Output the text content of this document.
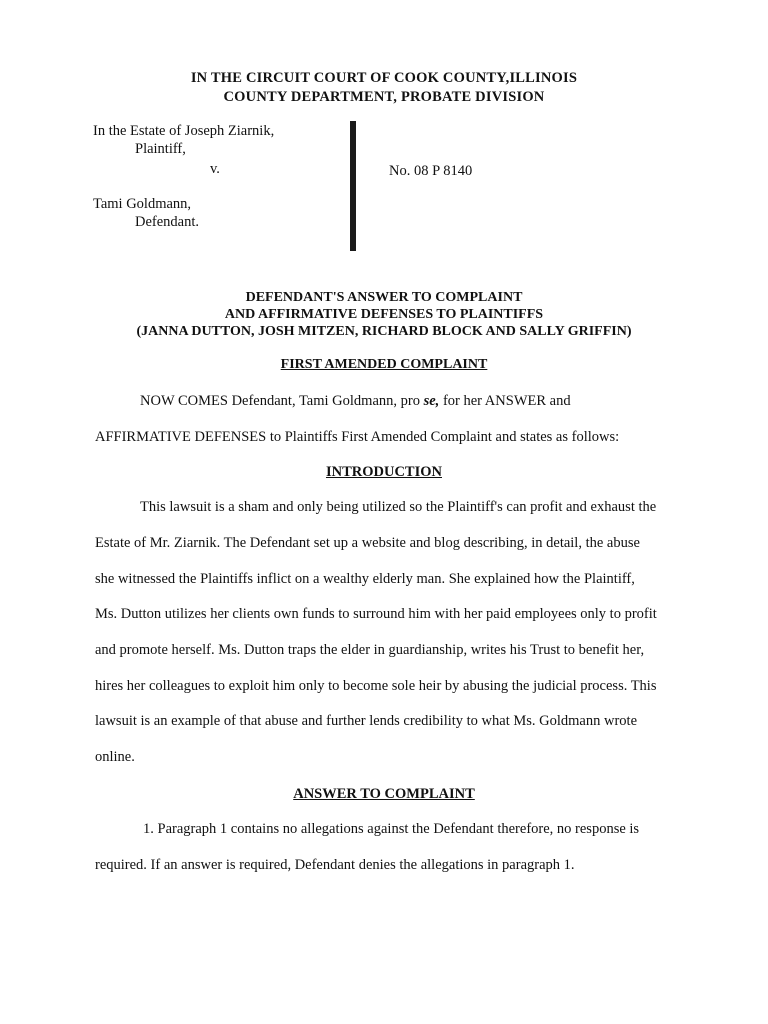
IN THE CIRCUIT COURT OF COOK COUNTY,ILLINOIS
COUNTY DEPARTMENT, PROBATE DIVISION
In the Estate of Joseph Ziarnik,
Plaintiff,
v.
Tami Goldmann,
Defendant.
No. 08 P 8140
DEFENDANT'S ANSWER TO COMPLAINT
AND AFFIRMATIVE DEFENSES TO PLAINTIFFS
(JANNA DUTTON, JOSH MITZEN, RICHARD BLOCK AND SALLY GRIFFIN)
FIRST AMENDED COMPLAINT
NOW COMES Defendant, Tami Goldmann, pro se, for her ANSWER and
AFFIRMATIVE DEFENSES to Plaintiffs First Amended Complaint and states as follows:
INTRODUCTION
This lawsuit is a sham and only being utilized so the Plaintiff's can profit and exhaust the
Estate of Mr. Ziarnik. The Defendant set up a website and blog describing, in detail, the abuse
she witnessed the Plaintiffs inflict on a wealthy elderly man. She explained how the Plaintiff,
Ms. Dutton utilizes her clients own funds to surround him with her paid employees only to profit
and promote herself. Ms. Dutton traps the elder in guardianship, writes his Trust to benefit her,
hires her colleagues to exploit him only to become sole heir by abusing the judicial process. This
lawsuit is an example of that abuse and further lends credibility to what Ms. Goldmann wrote
online.
ANSWER TO COMPLAINT
1. Paragraph 1 contains no allegations against the Defendant therefore, no response is
required. If an answer is required, Defendant denies the allegations in paragraph 1.
